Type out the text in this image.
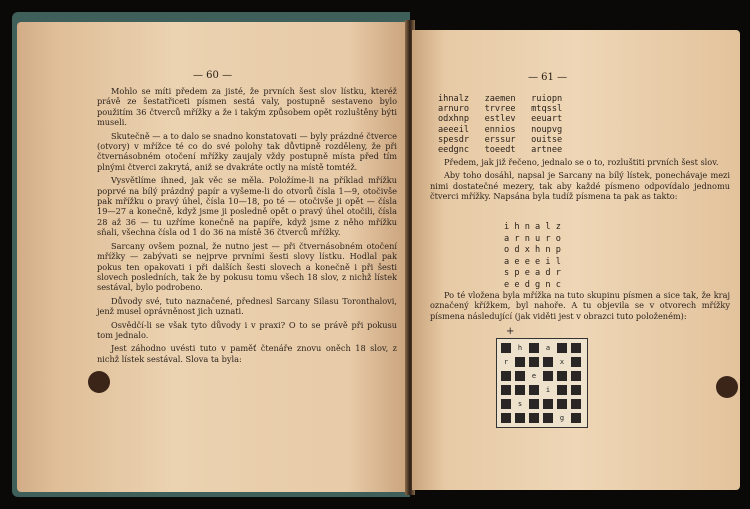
— 60 —

Mohlo se míti předem za jisté, že prvních šest slov lístku, kteréž právě ze šestatřiceti písmen sestá valy, postupně sestaveno bylo použitím 36 čtverců mřížky a že i takým způsobem opět rozluštěny býti museli.

Skutečně — a to dalo se snadno konstatovati — byly prázdné čtverce (otvory) v mřížce té co do své polohy tak důvtipně rozděleny, že při čtvernásobném otočení mřížky zaujaly vždy postupně místa před tím plnými čtverci zakrytá, aniž se dvakráte octly na místě tomtéž.

Vysvětlíme ihned, jak věc se měla. Položíme-li na příklad mřížku poprvé na bílý prázdný papír a vyšeme-li do otvorů čísla 1—9, otočivše pak mřížku o pravý úhel, čísla 10—18, po té — otočivše ji opět — čísla 19—27 a konečně, když jsme ji posledně opět o pravý úhel otočili, čísla 28 až 36 — tu uzříme konečně na papíře, když jsme z něho mřížku sňali, všechna čísla od 1 do 36 na místě 36 čtverců mřížky.

Sarcany ovšem poznal, že nutno jest — při čtvernásobném otočení mřížky — zabývati se nejprve prvními šesti slovy lístku. Hodlal pak pokus ten opakovati i při dalších šesti slovech a konečně i při šesti slovech posledních, tak že by pokusu tomu všech 18 slov, z nichž lístek sestával, bylo podrobeno.

Důvody své, tuto naznačené, přednesl Sarcany Silasu Toronthalovi, jenž musel oprávněnost jich uznati.

Osvědčí-li se však tyto důvody i v praxi? O to se právě při pokusu tom jednalo.

Jest záhodno uvésti tuto v paměť čtenáře znovu oněch 18 slov, z nichž lístek sestával. Slova ta byla:

— 61 —
ihnalz   zaemen   ruiopn
arnuro   trvree   mtqssl
odxhnp   estlev   eeuart
aeeeil   ennios   noupvg
spesdr   erssur   ouitse
eedgnc   toeedt   artnee

Předem, jak již řečeno, jednalo se o to, rozluštiti prvních šest slov.

Aby toho dosáhl, napsal je Sarcany na bílý lístek, ponechávaje mezi nimi dostatečné mezery, tak aby každé písmeno odpovídalo jednomu čtverci mřížky. Napsána byla tudíž písmena ta pak as takto:

i h n a l z
a r n u r o
o d x h n p
a e e e i l
s p e a d r
e e d g n c

Po té vložena byla mřížka na tuto skupinu písmen a sice tak, že kraj označený křížkem, byl nahoře. A tu objevila se v otvorech mřížky písmena následující (jak viděti jest v obrazci tuto položeném):

+
h	a
r	x
e
i
s
g
